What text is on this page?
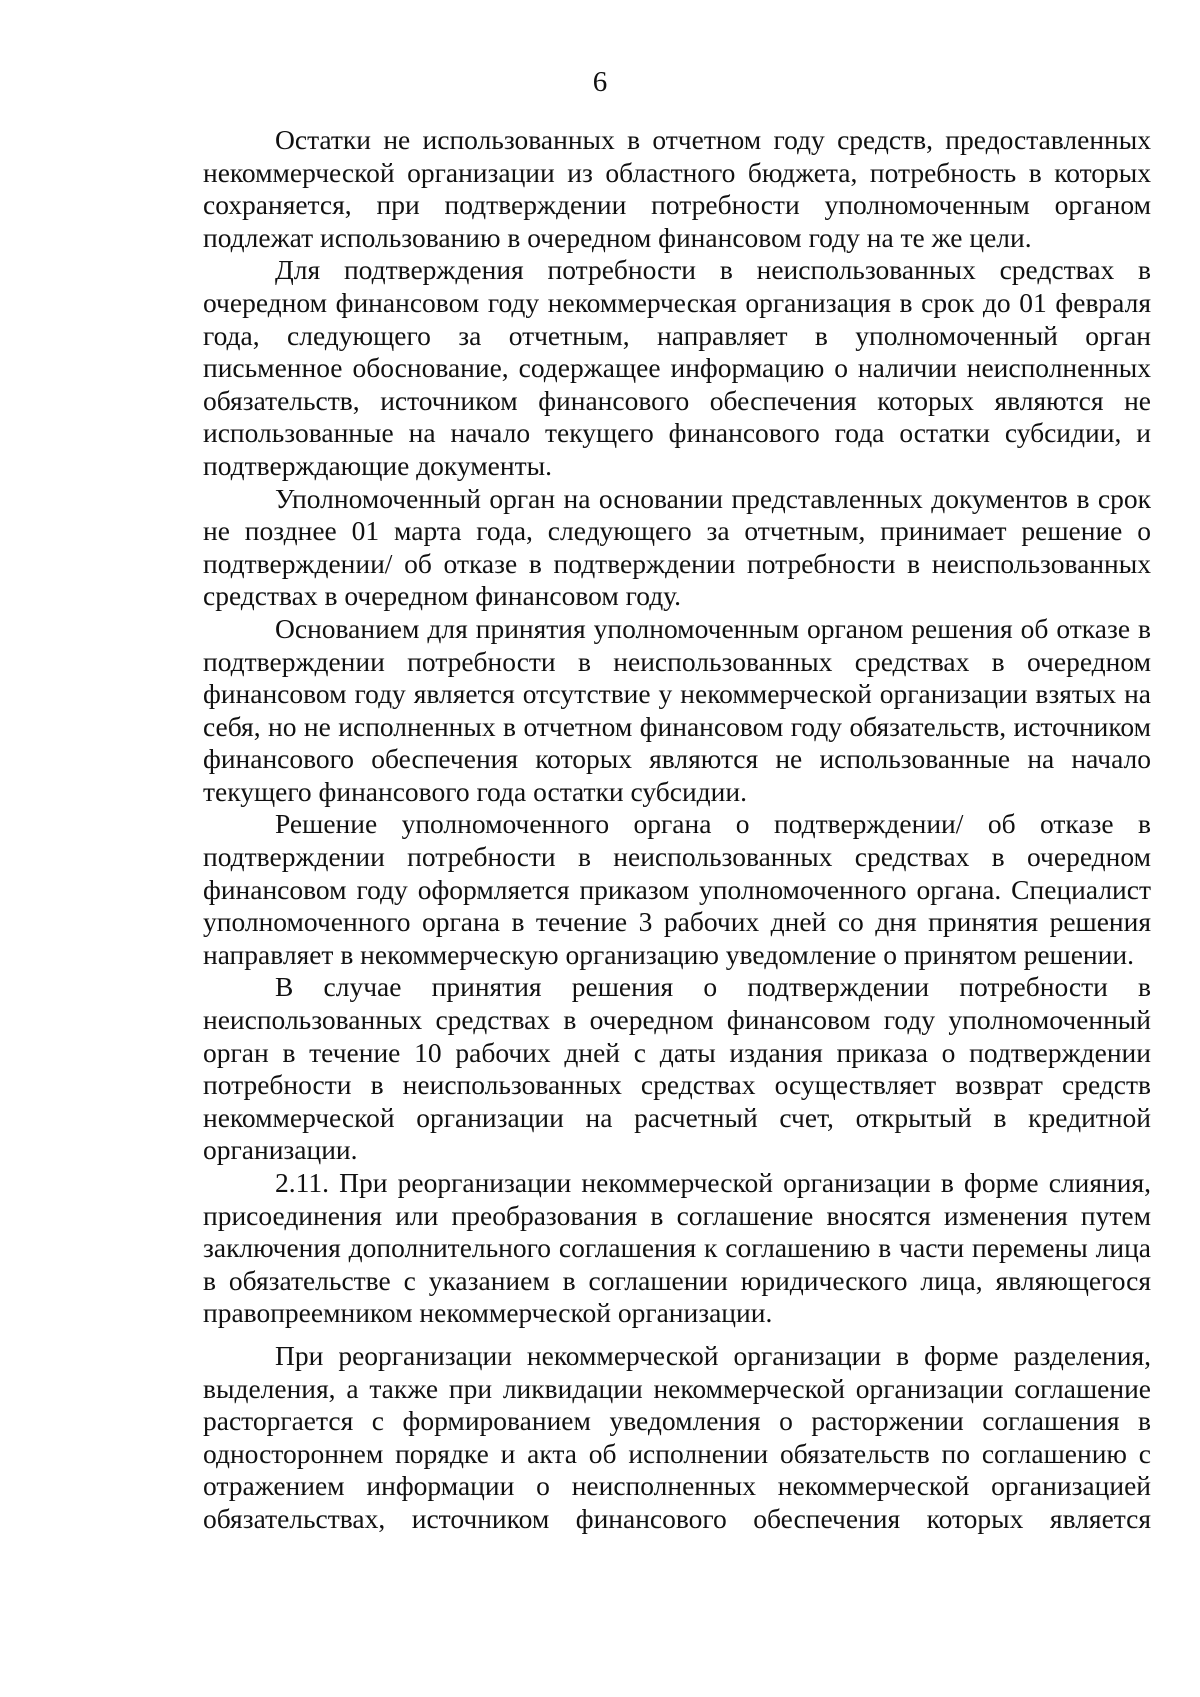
6

Остатки не использованных в отчетном году средств, предоставленных некоммерческой организации из областного бюджета, потребность в которых сохраняется, при подтверждении потребности уполномоченным органом подлежат использованию в очередном финансовом году на те же цели.

Для подтверждения потребности в неиспользованных средствах в очередном финансовом году некоммерческая организация в срок до 01 февраля года, следующего за отчетным, направляет в уполномоченный орган письменное обоснование, содержащее информацию о наличии неисполненных обязательств, источником финансового обеспечения которых являются не использованные на начало текущего финансового года остатки субсидии, и подтверждающие документы.

Уполномоченный орган на основании представленных документов в срок не позднее 01 марта года, следующего за отчетным, принимает решение о подтверждении/ об отказе в подтверждении потребности в неиспользованных средствах в очередном финансовом году.

Основанием для принятия уполномоченным органом решения об отказе в подтверждении потребности в неиспользованных средствах в очередном финансовом году является отсутствие у некоммерческой организации взятых на себя, но не исполненных в отчетном финансовом году обязательств, источником финансового обеспечения которых являются не использованные на начало текущего финансового года остатки субсидии.

Решение уполномоченного органа о подтверждении/ об отказе в подтверждении потребности в неиспользованных средствах в очередном финансовом году оформляется приказом уполномоченного органа. Специалист уполномоченного органа в течение 3 рабочих дней со дня принятия решения направляет в некоммерческую организацию уведомление о принятом решении.

В случае принятия решения о подтверждении потребности в неиспользованных средствах в очередном финансовом году уполномоченный орган в течение 10 рабочих дней с даты издания приказа о подтверждении потребности в неиспользованных средствах осуществляет возврат средств некоммерческой организации на расчетный счет, открытый в кредитной организации.

2.11. При реорганизации некоммерческой организации в форме слияния, присоединения или преобразования в соглашение вносятся изменения путем заключения дополнительного соглашения к соглашению в части перемены лица в обязательстве с указанием в соглашении юридического лица, являющегося правопреемником некоммерческой организации.

При реорганизации некоммерческой организации в форме разделения, выделения, а также при ликвидации некоммерческой организации соглашение расторгается с формированием уведомления о расторжении соглашения в одностороннем порядке и акта об исполнении обязательств по соглашению с отражением информации о неисполненных некоммерческой организацией обязательствах, источником финансового обеспечения которых является
